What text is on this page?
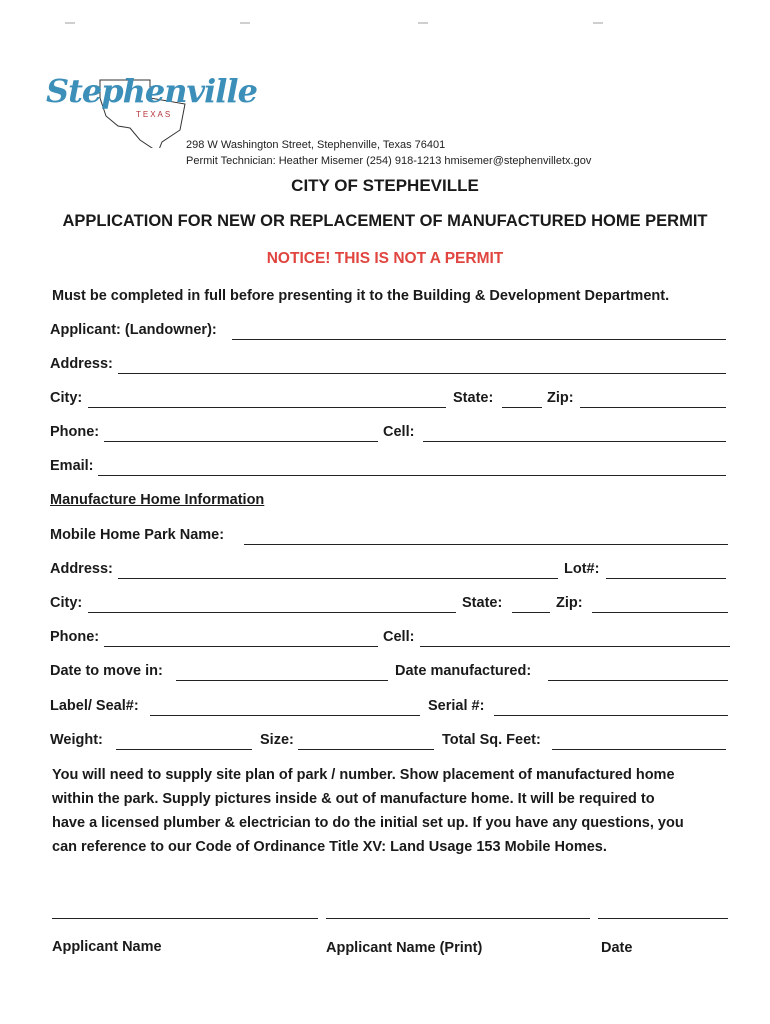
Stephenville
TEXAS
298 W Washington Street, Stephenville, Texas 76401
Permit Technician: Heather Misemer (254) 918-1213 hmisemer@stephenvilletx.gov
CITY OF STEPHEVILLE
APPLICATION FOR NEW OR REPLACEMENT OF MANUFACTURED HOME PERMIT
NOTICE! THIS IS NOT A PERMIT
Must be completed in full before presenting it to the Building & Development Department.
Applicant: (Landowner):
Address:
City:	State:	Zip:
Phone:	Cell:
Email:
Manufacture Home Information
Mobile Home Park Name:
Address:	Lot#:
City:	State:	Zip:
Phone:	Cell:
Date to move in:	Date manufactured:
Label/ Seal#:	Serial #:
Weight:	Size:	Total Sq. Feet:
You will need to supply site plan of park / number. Show placement of manufactured home
within the park. Supply pictures inside & out of manufacture home. It will be required to
have a licensed plumber & electrician to do the initial set up. If you have any questions, you
can reference to our Code of Ordinance Title XV: Land Usage 153 Mobile Homes.
Applicant Name	Applicant Name (Print)	Date
